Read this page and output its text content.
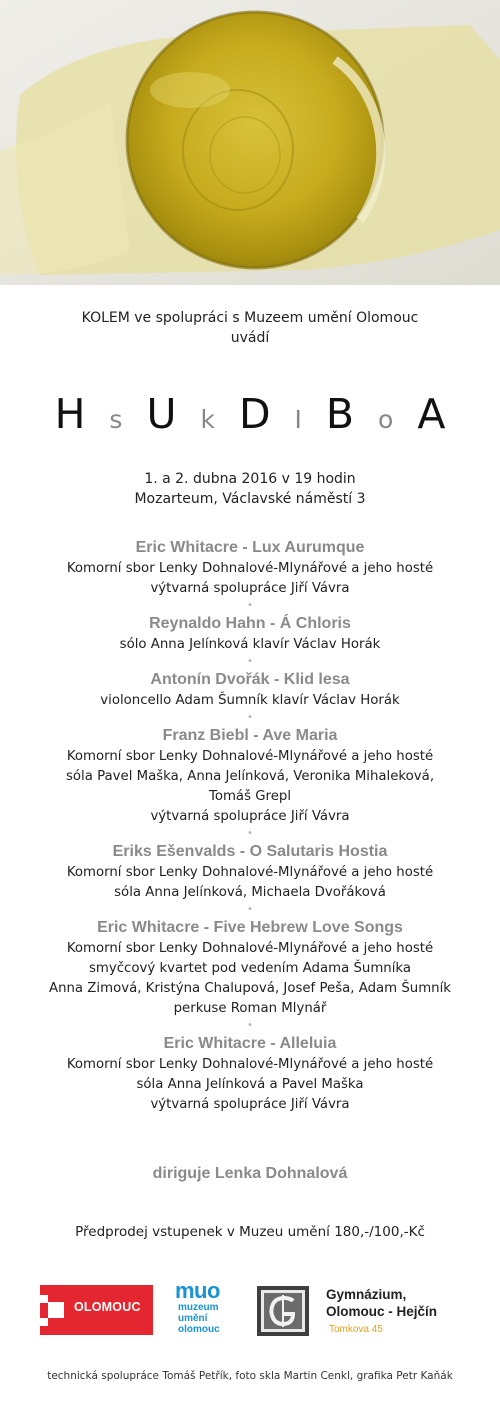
KOLEM ve spolupráci s Muzeem umění Olomouc
uvádí
H s U k D I B o A
1. a 2. dubna 2016 v 19 hodin
Mozarteum, Václavské náměstí 3
Eric Whitacre - Lux Aurumque
Komorní sbor Lenky Dohnalové-Mlynářové a jeho hosté
výtvarná spolupráce Jiří Vávra
•
Reynaldo Hahn - Á Chloris
sólo Anna Jelínková klavír Václav Horák
•
Antonín Dvořák - Klid lesa
violoncello Adam Šumník klavír Václav Horák
•
Franz Biebl - Ave Maria
Komorní sbor Lenky Dohnalové-Mlynářové a jeho hosté
sóla Pavel Maška, Anna Jelínková, Veronika Mihaleková,
Tomáš Grepl
výtvarná spolupráce Jiří Vávra
•
Eriks Ešenvalds - O Salutaris Hostia
Komorní sbor Lenky Dohnalové-Mlynářové a jeho hosté
sóla Anna Jelínková, Michaela Dvořáková
•
Eric Whitacre - Five Hebrew Love Songs
Komorní sbor Lenky Dohnalové-Mlynářové a jeho hosté
smyčcový kvartet pod vedením Adama Šumníka
Anna Zimová, Kristýna Chalupová, Josef Peša, Adam Šumník
perkuse Roman Mlynář
•
Eric Whitacre - Alleluia
Komorní sbor Lenky Dohnalové-Mlynářové a jeho hosté
sóla Anna Jelínková a Pavel Maška
výtvarná spolupráce Jiří Vávra
diriguje Lenka Dohnalová
Předprodej vstupenek v Muzeu umění 180,-/100,-Kč
OLOMOUC
muo
muzeum
umění
olomouc
Gymnázium,
Olomouc - Hejčín
Tomkova 45
technická spolupráce Tomáš Petřík, foto skla Martin Cenkl, grafika Petr Kaňák
